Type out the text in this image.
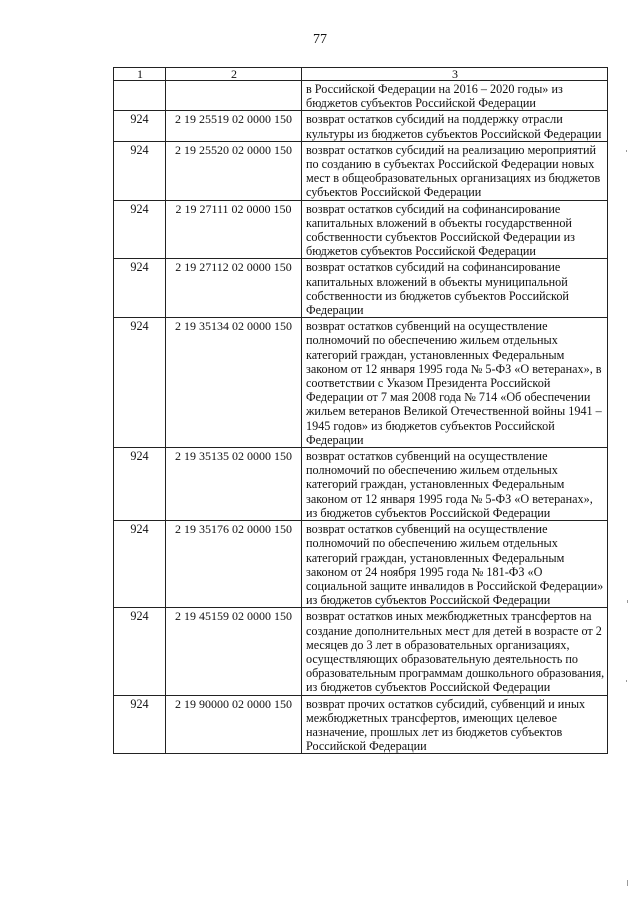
77
1	2	3
		в Российской Федерации на 2016 – 2020 годы» из бюджетов субъектов Российской Федерации
924	2 19 25519 02 0000 150	возврат остатков субсидий на поддержку отрасли культуры из бюджетов субъектов Российской Федерации
924	2 19 25520 02 0000 150	возврат остатков субсидий на реализацию мероприятий по созданию в субъектах Российской Федерации новых мест в общеобразовательных организациях из бюджетов субъектов Российской Федерации
924	2 19 27111 02 0000 150	возврат остатков субсидий на софинансирование капитальных вложений в объекты государственной собственности субъектов Российской Федерации из бюджетов субъектов Российской Федерации
924	2 19 27112 02 0000 150	возврат остатков субсидий на софинансирование капитальных вложений в объекты муниципальной собственности из бюджетов субъектов Российской Федерации
924	2 19 35134 02 0000 150	возврат остатков субвенций на осуществление полномочий по обеспечению жильем отдельных категорий граждан, установленных Федеральным законом от 12 января 1995 года № 5-ФЗ «О ветеранах», в соответствии с Указом Президента Российской Федерации от 7 мая 2008 года № 714 «Об обеспечении жильем ветеранов Великой Отечественной войны 1941 – 1945 годов» из бюджетов субъектов Российской Федерации
924	2 19 35135 02 0000 150	возврат остатков субвенций на осуществление полномочий по обеспечению жильем отдельных категорий граждан, установленных Федеральным законом от 12 января 1995 года № 5-ФЗ «О ветеранах», из бюджетов субъектов Российской Федерации
924	2 19 35176 02 0000 150	возврат остатков субвенций на осуществление полномочий по обеспечению жильем отдельных категорий граждан, установленных Федеральным законом от 24 ноября 1995 года № 181-ФЗ «О социальной защите инвалидов в Российской Федерации» из бюджетов субъектов Российской Федерации
924	2 19 45159 02 0000 150	возврат остатков иных межбюджетных трансфертов на создание дополнительных мест для детей в возрасте от 2 месяцев до 3 лет в образовательных организациях, осуществляющих образовательную деятельность по образовательным программам дошкольного образования, из бюджетов субъектов Российской Федерации
924	2 19 90000 02 0000 150	возврат прочих остатков субсидий, субвенций и иных межбюджетных трансфертов, имеющих целевое назначение, прошлых лет из бюджетов субъектов Российской Федерации
